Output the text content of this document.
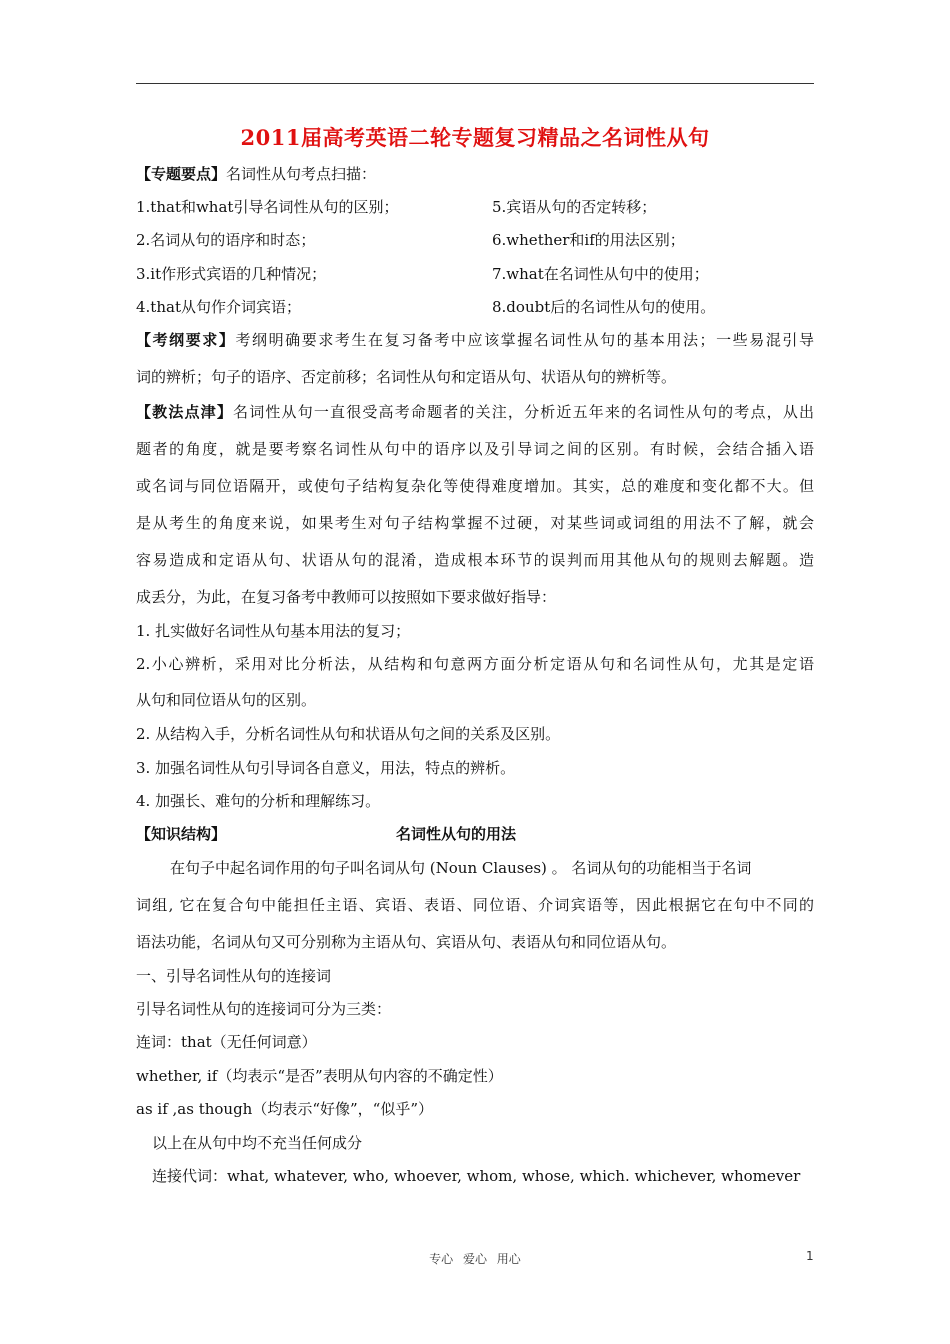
2011届高考英语二轮专题复习精品之名词性从句
【专题要点】名词性从句考点扫描：
1.that和what引导名词性从句的区别；	5.宾语从句的否定转移；
2.名词从句的语序和时态；	6.whether和if的用法区别；
3.it作形式宾语的几种情况；	7.what在名词性从句中的使用；
4.that从句作介词宾语；	8.doubt后的名词性从句的使用。
【考纲要求】考纲明确要求考生在复习备考中应该掌握名词性从句的基本用法；一些易混引导
词的辨析；句子的语序、否定前移；名词性从句和定语从句、状语从句的辨析等。
【教法点津】名词性从句一直很受高考命题者的关注，分析近五年来的名词性从句的考点，从出
题者的角度，就是要考察名词性从句中的语序以及引导词之间的区别。有时候，会结合插入语
或名词与同位语隔开，或使句子结构复杂化等使得难度增加。其实，总的难度和变化都不大。但
是从考生的角度来说，如果考生对句子结构掌握不过硬，对某些词或词组的用法不了解，就会
容易造成和定语从句、状语从句的混淆，造成根本环节的误判而用其他从句的规则去解题。造
成丢分，为此，在复习备考中教师可以按照如下要求做好指导：
1. 扎实做好名词性从句基本用法的复习；
2.小心辨析，采用对比分析法，从结构和句意两方面分析定语从句和名词性从句，尤其是定语
从句和同位语从句的区别。
2. 从结构入手，分析名词性从句和状语从句之间的关系及区别。
3. 加强名词性从句引导词各自意义，用法，特点的辨析。
4. 加强长、难句的分析和理解练习。
【知识结构】	名词性从句的用法
在句子中起名词作用的句子叫名词从句 (Noun Clauses) 。 名词从句的功能相当于名词
词组, 它在复合句中能担任主语、宾语、表语、同位语、介词宾语等，因此根据它在句中不同的
语法功能，名词从句又可分别称为主语从句、宾语从句、表语从句和同位语从句。
一、引导名词性从句的连接词
引导名词性从句的连接词可分为三类：
连词：that（无任何词意）
whether, if（均表示“是否”表明从句内容的不确定性）
as if ,as though（均表示“好像”，“似乎”）
以上在从句中均不充当任何成分
连接代词：what, whatever, who, whoever, whom, whose, which. whichever, whomever
专心 爱心 用心	1
